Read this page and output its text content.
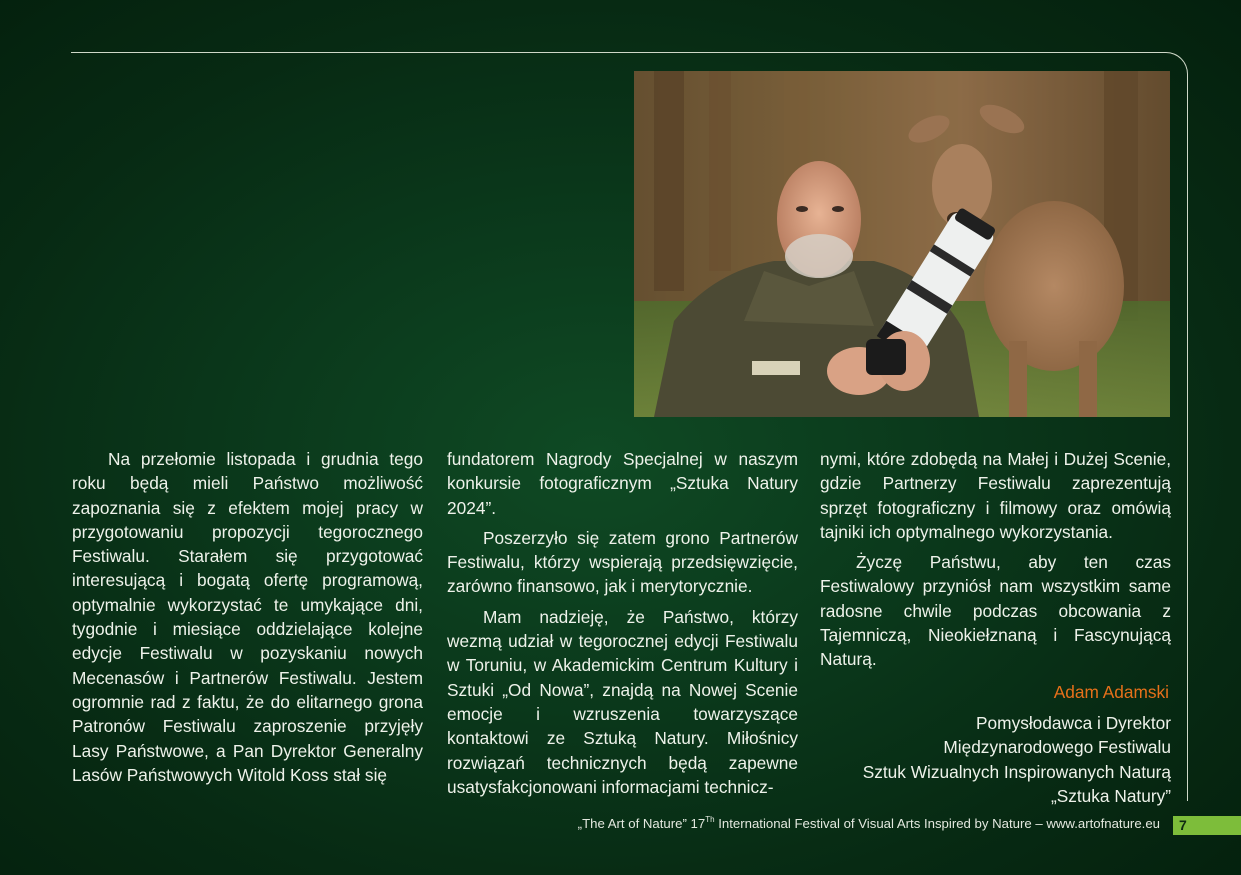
Na przełomie listopada i grudnia tego roku będą mieli Państwo możliwość zapoznania się z efektem mojej pracy w przygotowaniu propozycji tegorocznego Festiwalu. Starałem się przygotować interesującą i bogatą ofertę programową, optymalnie wykorzystać te umykające dni, tygodnie i miesiące oddzielające kolejne edycje Festiwalu w pozyskaniu nowych Mecenasów i Partnerów Festiwalu. Jestem ogromnie rad z faktu, że do elitarnego grona Patronów Festiwalu zaproszenie przyjęły Lasy Państwowe, a Pan Dyrektor Generalny Lasów Państwowych Witold Koss stał się

fundatorem Nagrody Specjalnej w naszym konkursie fotograficznym „Sztuka Natury 2024”.

Poszerzyło się zatem grono Partnerów Festiwalu, którzy wspierają przedsięwzięcie, zarówno finansowo, jak i merytorycznie.

Mam nadzieję, że Państwo, którzy wezmą udział w tegorocznej edycji Festiwalu w Toruniu, w Akademickim Centrum Kultury i Sztuki „Od Nowa”, znajdą na Nowej Scenie emocje i wzruszenia towarzyszące kontaktowi ze Sztuką Natury. Miłośnicy rozwiązań technicznych będą zapewne usatysfakcjonowani informacjami technicz-

nymi, które zdobędą na Małej i Dużej Scenie, gdzie Partnerzy Festiwalu zaprezentują sprzęt fotograficzny i filmowy oraz omówią tajniki ich optymalnego wykorzystania.

Życzę Państwu, aby ten czas Festiwalowy przyniósł nam wszystkim same radosne chwile podczas obcowania z Tajemniczą, Nieokiełznaną i Fascynującą Naturą.

Adam Adamski
Pomysłodawca i Dyrektor
Międzynarodowego Festiwalu
Sztuk Wizualnych Inspirowanych Naturą
„Sztuka Natury”
„The Art of Nature” 17Th International Festival of Visual Arts Inspired by Nature – www.artofnature.eu 7
